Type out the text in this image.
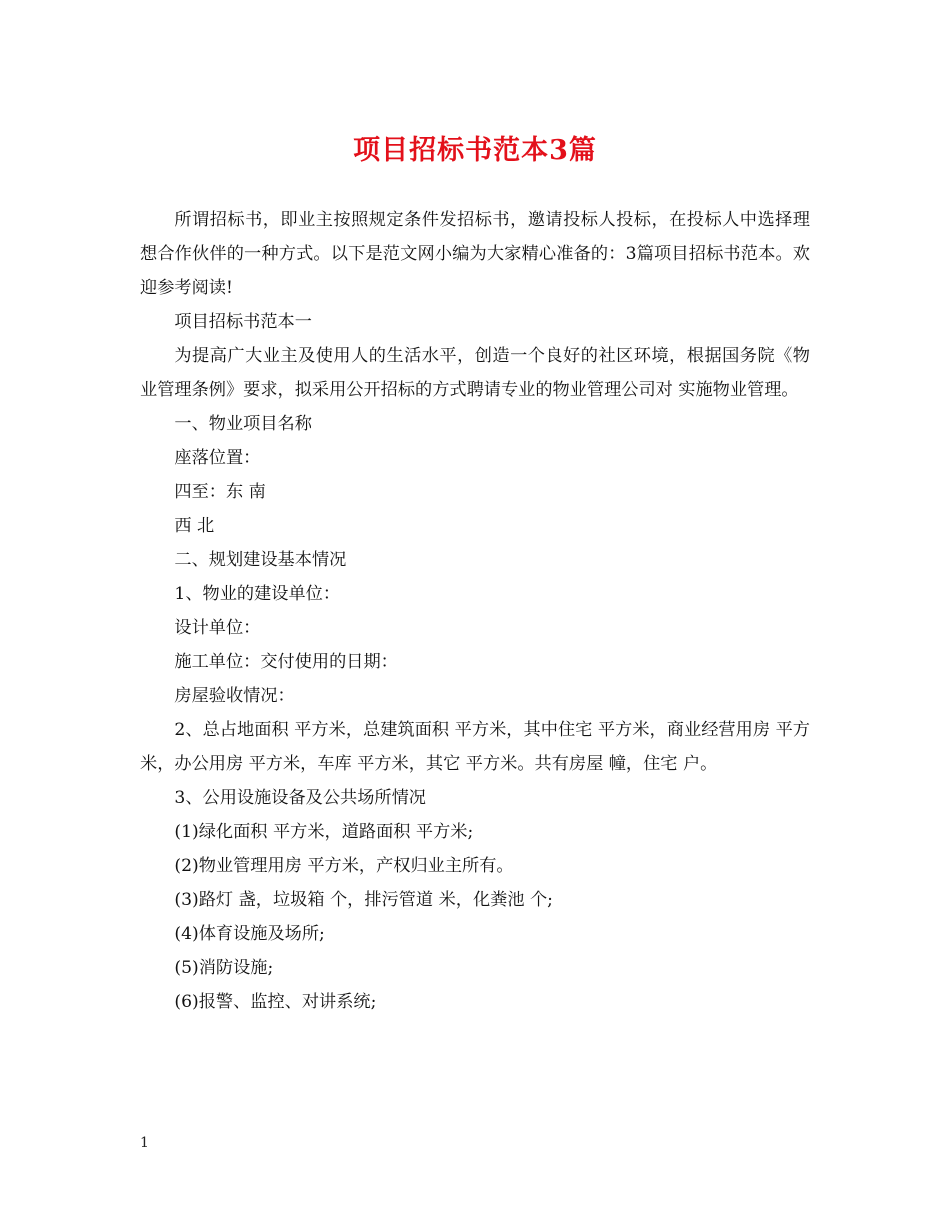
项目招标书范本3篇

所谓招标书，即业主按照规定条件发招标书，邀请投标人投标，在投标人中选择理想合作伙伴的一种方式。以下是范文网小编为大家精心准备的：3篇项目招标书范本。欢迎参考阅读!

项目招标书范本一

为提高广大业主及使用人的生活水平，创造一个良好的社区环境，根据国务院《物业管理条例》要求，拟采用公开招标的方式聘请专业的物业管理公司对 实施物业管理。

一、物业项目名称

座落位置：

四至：东 南

西 北

二、规划建设基本情况

1、物业的建设单位：

设计单位：

施工单位：交付使用的日期：

房屋验收情况：

2、总占地面积 平方米，总建筑面积 平方米，其中住宅 平方米，商业经营用房 平方米，办公用房 平方米，车库 平方米，其它 平方米。共有房屋 幢，住宅 户。

3、公用设施设备及公共场所情况

(1)绿化面积 平方米，道路面积 平方米;

(2)物业管理用房 平方米，产权归业主所有。

(3)路灯 盏，垃圾箱 个，排污管道 米，化粪池 个;

(4)体育设施及场所;

(5)消防设施;

(6)报警、监控、对讲系统;

1
